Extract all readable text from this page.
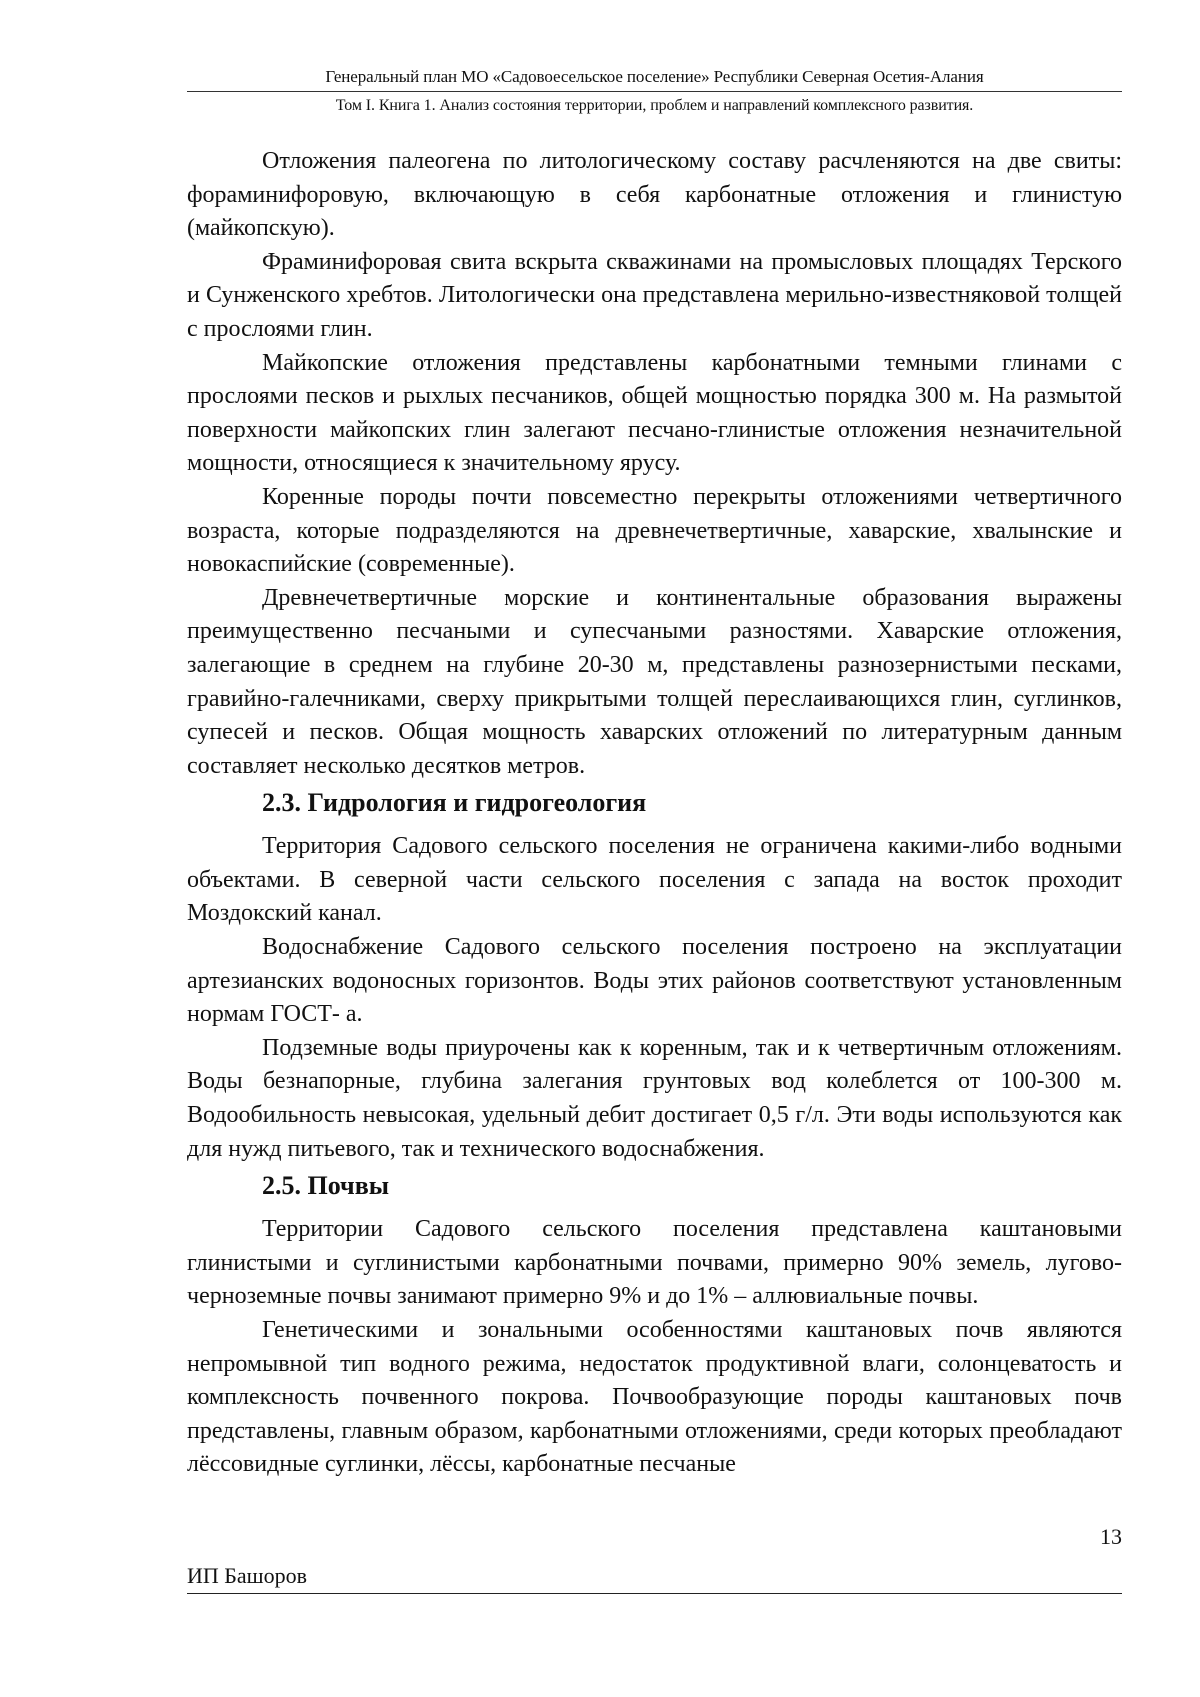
Генеральный план МО «Садовоесельское поселение» Республики Северная Осетия-Алания
Том I. Книга 1. Анализ состояния территории, проблем и направлений комплексного развития.

Отложения палеогена по литологическому составу расчленяются на две свиты: фораминифоровую, включающую в себя карбонатные отложения и глинистую (майкопскую).

Фраминифоровая свита вскрыта скважинами на промысловых площадях Терского и Сунженского хребтов. Литологически она представлена мерильно-известняковой толщей с прослоями глин.

Майкопские отложения представлены карбонатными темными глинами с прослоями песков и рыхлых песчаников, общей мощностью порядка 300 м. На размытой поверхности майкопских глин залегают песчано-глинистые отложения незначительной мощности, относящиеся к значительному ярусу.

Коренные породы почти повсеместно перекрыты отложениями четвертичного возраста, которые подразделяются на древнечетвертичные, хаварские, хвалынские и новокаспийские (современные).

Древнечетвертичные морские и континентальные образования выражены преимущественно песчаными и супесчаными разностями. Хаварские отложения, залегающие в среднем на глубине 20-30 м, представлены разнозернистыми песками, гравийно-галечниками, сверху прикрытыми толщей переслаивающихся глин, суглинков, супесей и песков. Общая мощность хаварских отложений по литературным данным составляет несколько десятков метров.

2.3. Гидрология и гидрогеология

Территория Садового сельского поселения не ограничена какими-либо водными объектами. В северной части сельского поселения с запада на восток проходит Моздокский канал.

Водоснабжение Садового сельского поселения построено на эксплуатации артезианских водоносных горизонтов. Воды этих районов соответствуют установленным нормам ГОСТ- а.

Подземные воды приурочены как к коренным, так и к четвертичным отложениям. Воды безнапорные, глубина залегания грунтовых вод колеблется от 100-300 м. Водообильность невысокая, удельный дебит достигает 0,5 г/л. Эти воды используются как для нужд питьевого, так и технического водоснабжения.

2.5. Почвы

Территории Садового сельского поселения представлена каштановыми глинистыми и суглинистыми карбонатными почвами, примерно 90% земель, лугово-черноземные почвы занимают примерно 9% и до 1% – аллювиальные почвы.

Генетическими и зональными особенностями каштановых почв являются непромывной тип водного режима, недостаток продуктивной влаги, солонцеватость и комплексность почвенного покрова. Почвообразующие породы каштановых почв представлены, главным образом, карбонатными отложениями, среди которых преобладают лёссовидные суглинки, лёссы, карбонатные песчаные

13
ИП Башоров
